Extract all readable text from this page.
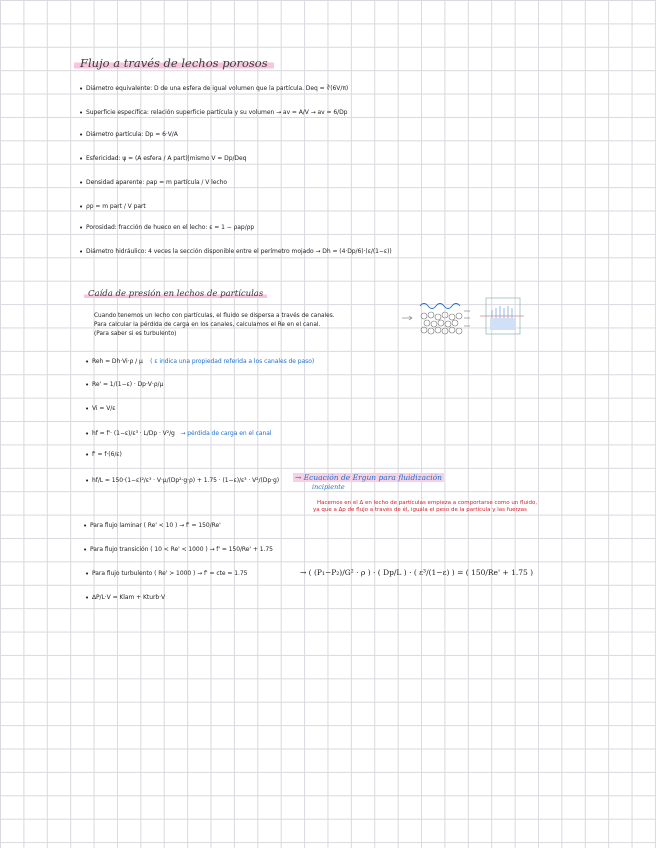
Flujo a través de lechos porosos
• Diámetro equivalente: D de una esfera de igual volumen que la partícula. Deq = ∛(6V/π)
• Superficie específica: relación superficie partícula y su volumen → av = A/V → av = 6/Dp
• Diámetro partícula: Dp = 6·V/A
• Esfericidad: ψ = (A esfera / A part)|mismo V = Dp/Deq
• Densidad aparente: ρap = m partícula / V lecho
• ρp = m part / V part
• Porosidad: fracción de hueco en el lecho: ε = 1 − ρap/ρp
• Diámetro hidráulico: 4 veces la sección disponible entre el perímetro mojado → Dh = (4·Dp/6)·(ε/(1−ε))
Caída de presión en lechos de partículas
Cuando tenemos un lecho con partículas, el fluido se dispersa a través de canales.
Para calcular la pérdida de carga en los canales, calculamos el Re en el canal.
(Para saber si es turbulento)
• Reh = Dh·Vi·ρ / μ ( ε indica una propiedad referida a los canales de paso)
• Re' = 1/(1−ε) · Dp·V·ρ/μ
• Vi = V/ε
• hf = f'· (1−ε)/ε³ · L/Dp · V²/g → pérdida de carga en el canal
• f' = f·(6/ε)
• hf/L = 150·(1−ε)²/ε³ · V·μ/(Dp²·g·ρ) + 1.75 · (1−ε)/ε³ · V²/(Dp·g) → Ecuación de Ergun para fluidización
incipiente
Hacemos en el ∆ en lecho de partículas empieza a comportarse como un fluido,
ya que a ∆p de flujo a través de él, iguala el peso de la partícula y las fuerzas
• Para flujo laminar ( Re' < 10 ) → f' = 150/Re'
• Para flujo transición ( 10 < Re' < 1000 ) → f' = 150/Re' + 1.75
• Para flujo turbulento ( Re' > 1000 ) → f' = cte = 1.75	→ ( (P₁−P₂)/G² · ρ ) · ( Dp/L ) · ( ε³/(1−ε) ) = ( 150/Re' + 1.75 )
• ∆P/L·V = Klam + Kturb·V
